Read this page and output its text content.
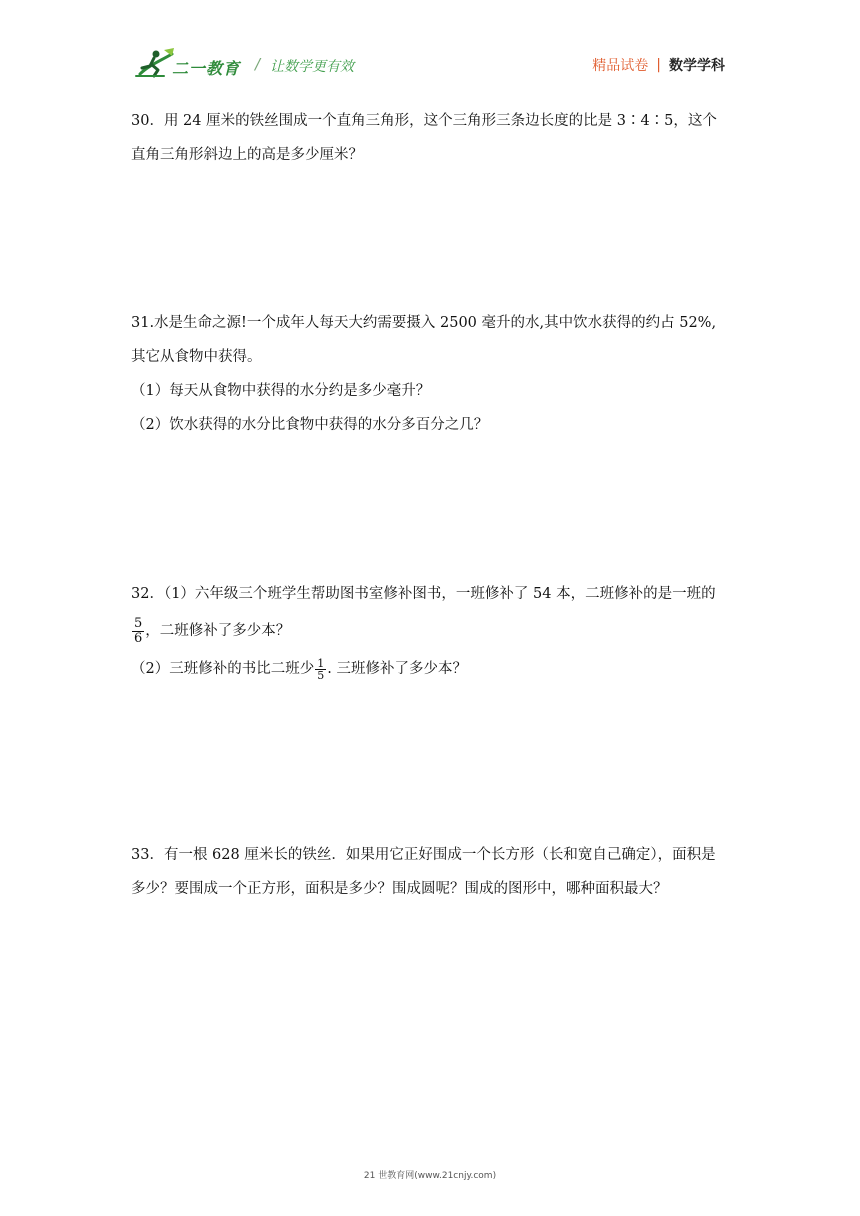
二一教育 / 让数学更有效	精品试卷 | 数学学科

30．用 24 厘米的铁丝围成一个直角三角形，这个三角形三条边长度的比是 3∶4∶5，这个

直角三角形斜边上的高是多少厘米？

31.水是生命之源!一个成年人每天大约需要摄入 2500 毫升的水,其中饮水获得的约占 52%,

其它从食物中获得。

（1）每天从食物中获得的水分约是多少毫升？

（2）饮水获得的水分比食物中获得的水分多百分之几？

32．（1）六年级三个班学生帮助图书室修补图书，一班修补了 54 本，二班修补的是一班的

$\frac{5}{6}$ ，二班修补了多少本？

（2）三班修补的书比二班少 $\frac{1}{5}$ . 三班修补了多少本？

33．有一根 628 厘米长的铁丝．如果用它正好围成一个长方形（长和宽自己确定），面积是

多少？要围成一个正方形，面积是多少？围成圆呢？围成的图形中，哪种面积最大？

21 世教育网(www.21cnjy.com)
